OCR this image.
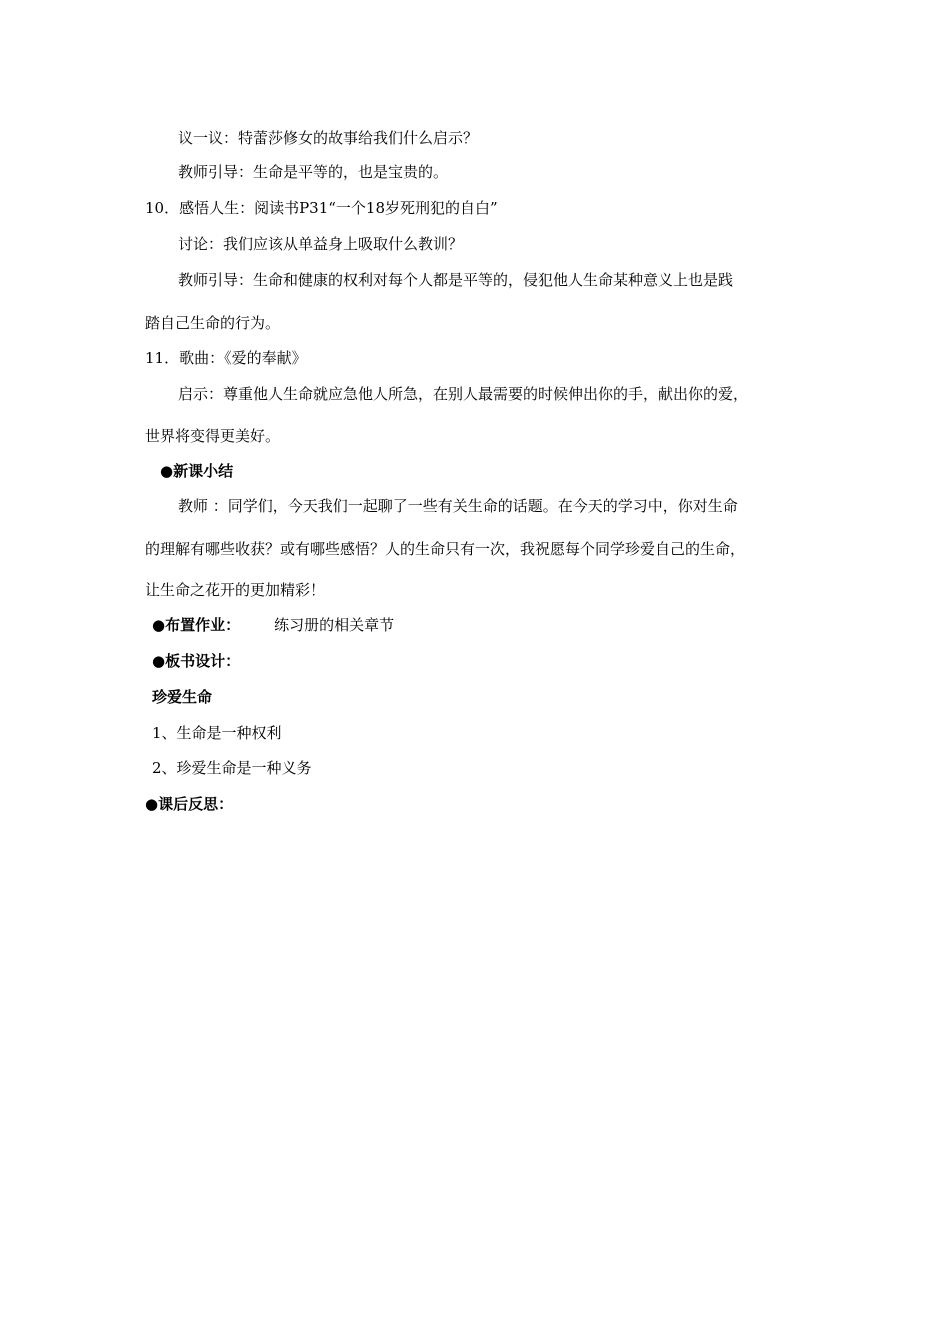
议一议：特蕾莎修女的故事给我们什么启示？
教师引导：生命是平等的，也是宝贵的。
10．感悟人生：阅读书P31“一个18岁死刑犯的自白”
讨论：我们应该从单益身上吸取什么教训？
教师引导：生命和健康的权利对每个人都是平等的，侵犯他人生命某种意义上也是践
踏自己生命的行为。
11．歌曲：《爱的奉献》
启示：尊重他人生命就应急他人所急，在别人最需要的时候伸出你的手，献出你的爱，
世界将变得更美好。
●新课小结
教师 ：同学们，今天我们一起聊了一些有关生命的话题。在今天的学习中，你对生命
的理解有哪些收获？或有哪些感悟？人的生命只有一次，我祝愿每个同学珍爱自己的生命，
让生命之花开的更加精彩！
●布置作业： 练习册的相关章节
●板书设计：
珍爱生命
1、生命是一种权利
2、珍爱生命是一种义务
●课后反思：
